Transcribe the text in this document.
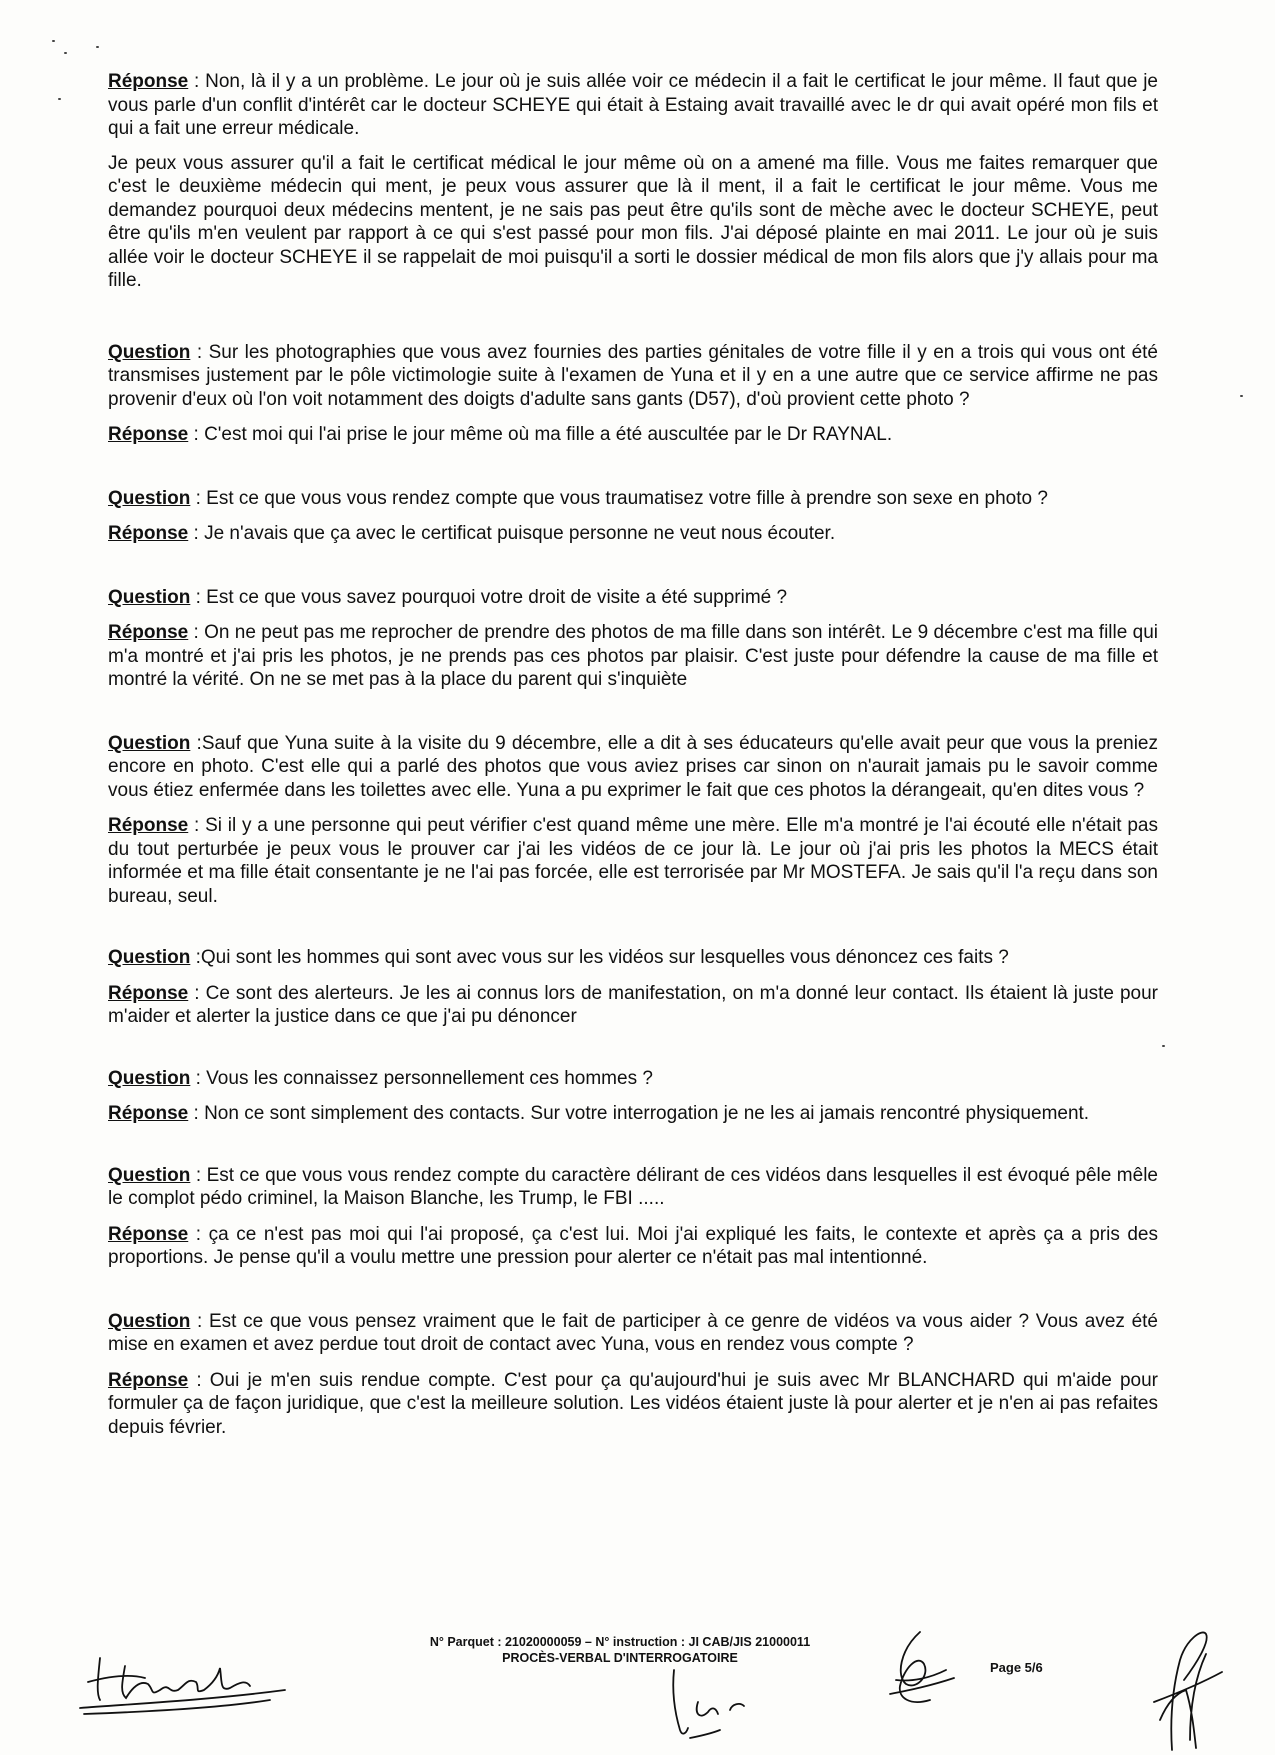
Réponse : Non, là il y a un problème. Le jour où je suis allée voir ce médecin il a fait le certificat le jour même. Il faut que je vous parle d'un conflit d'intérêt car le docteur SCHEYE qui était à Estaing avait travaillé avec le dr qui avait opéré mon fils et qui a fait une erreur médicale.

Je peux vous assurer qu'il a fait le certificat médical le jour même où on a amené ma fille. Vous me faites remarquer que c'est le deuxième médecin qui ment, je peux vous assurer que là il ment, il a fait le certificat le jour même. Vous me demandez pourquoi deux médecins mentent, je ne sais pas peut être qu'ils sont de mèche avec le docteur SCHEYE, peut être qu'ils m'en veulent par rapport à ce qui s'est passé pour mon fils. J'ai déposé plainte en mai 2011. Le jour où je suis allée voir le docteur SCHEYE il se rappelait de moi puisqu'il a sorti le dossier médical de mon fils alors que j'y allais pour ma fille.

Question : Sur les photographies que vous avez fournies des parties génitales de votre fille il y en a trois qui vous ont été transmises justement par le pôle victimologie suite à l'examen de Yuna et il y en a une autre que ce service affirme ne pas provenir d'eux où l'on voit notamment des doigts d'adulte sans gants (D57), d'où provient cette photo ?

Réponse : C'est moi qui l'ai prise le jour même où ma fille a été auscultée par le Dr RAYNAL.

Question : Est ce que vous vous rendez compte que vous traumatisez votre fille à prendre son sexe en photo ?

Réponse : Je n'avais que ça avec le certificat puisque personne ne veut nous écouter.

Question : Est ce que vous savez pourquoi votre droit de visite a été supprimé ?

Réponse : On ne peut pas me reprocher de prendre des photos de ma fille dans son intérêt. Le 9 décembre c'est ma fille qui m'a montré et j'ai pris les photos, je ne prends pas ces photos par plaisir. C'est juste pour défendre la cause de ma fille et montré la vérité. On ne se met pas à la place du parent qui s'inquiète

Question :Sauf que Yuna suite à la visite du 9 décembre, elle a dit à ses éducateurs qu'elle avait peur que vous la preniez encore en photo. C'est elle qui a parlé des photos que vous aviez prises car sinon on n'aurait jamais pu le savoir comme vous étiez enfermée dans les toilettes avec elle. Yuna a pu exprimer le fait que ces photos la dérangeait, qu'en dites vous ?

Réponse : Si il y a une personne qui peut vérifier c'est quand même une mère. Elle m'a montré je l'ai écouté elle n'était pas du tout perturbée je peux vous le prouver car j'ai les vidéos de ce jour là. Le jour où j'ai pris les photos la MECS était informée et ma fille était consentante je ne l'ai pas forcée, elle est terrorisée par Mr MOSTEFA. Je sais qu'il l'a reçu dans son bureau, seul.

Question :Qui sont les hommes qui sont avec vous sur les vidéos sur lesquelles vous dénoncez ces faits ?

Réponse : Ce sont des alerteurs. Je les ai connus lors de manifestation, on m'a donné leur contact. Ils étaient là juste pour m'aider et alerter la justice dans ce que j'ai pu dénoncer

Question : Vous les connaissez personnellement ces hommes ?

Réponse : Non ce sont simplement des contacts. Sur votre interrogation je ne les ai jamais rencontré physiquement.

Question : Est ce que vous vous rendez compte du caractère délirant de ces vidéos dans lesquelles il est évoqué pêle mêle le complot pédo criminel, la Maison Blanche, les Trump, le FBI .....

Réponse : ça ce n'est pas moi qui l'ai proposé, ça c'est lui. Moi j'ai expliqué les faits, le contexte et après ça a pris des proportions. Je pense qu'il a voulu mettre une pression pour alerter ce n'était pas mal intentionné.

Question : Est ce que vous pensez vraiment que le fait de participer à ce genre de vidéos va vous aider ? Vous avez été mise en examen et avez perdue tout droit de contact avec Yuna, vous en rendez vous compte ?

Réponse : Oui je m'en suis rendue compte. C'est pour ça qu'aujourd'hui je suis avec Mr BLANCHARD qui m'aide pour formuler ça de façon juridique, que c'est la meilleure solution. Les vidéos étaient juste là pour alerter et je n'en ai pas refaites depuis février.

N° Parquet : 21020000059 – N° instruction : JI CAB/JIS 21000011
PROCÈS-VERBAL D'INTERROGATOIRE
Page 5/6
